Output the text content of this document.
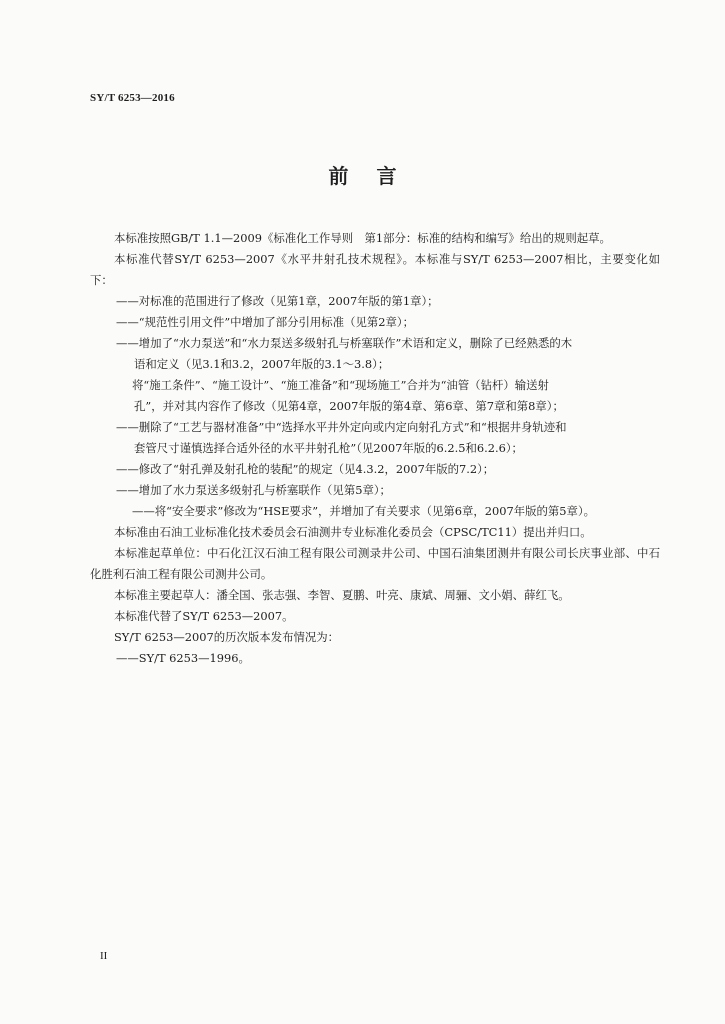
SY/T 6253—2016
前言

本标准按照GB/T 1.1—2009《标准化工作导则　第1部分：标准的结构和编写》给出的规则起草。

本标准代替SY/T 6253—2007《水平井射孔技术规程》。本标准与SY/T 6253—2007相比，主要变化如下：

——对标准的范围进行了修改（见第1章，2007年版的第1章）；

——“规范性引用文件”中增加了部分引用标准（见第2章）；

——增加了“水力泵送”和“水力泵送多级射孔与桥塞联作”术语和定义，删除了已经熟悉的木

语和定义（见3.1和3.2，2007年版的3.1～3.8）；

将“施工条件”、“施工设计”、“施工准备”和“现场施工”合并为“油管（钻杆）输送射

孔”，并对其内容作了修改（见第4章，2007年版的第4章、第6章、第7章和第8章）；

——删除了“工艺与器材准备”中“选择水平井外定向或内定向射孔方式”和“根据井身轨迹和

套管尺寸谨慎选择合适外径的水平井射孔枪”（见2007年版的6.2.5和6.2.6）；

——修改了“射孔弹及射孔枪的装配”的规定（见4.3.2，2007年版的7.2）；

——增加了水力泵送多级射孔与桥塞联作（见第5章）；

——将“安全要求”修改为“HSE要求”，并增加了有关要求（见第6章，2007年版的第5章）。

本标准由石油工业标准化技术委员会石油测井专业标准化委员会（CPSC/TC11）提出并归口。

本标准起草单位：中石化江汉石油工程有限公司测录井公司、中国石油集团测井有限公司长庆事业部、中石化胜利石油工程有限公司测井公司。

本标准主要起草人：潘全国、张志强、李智、夏鹏、叶亮、康斌、周骊、文小娟、薛红飞。

本标准代替了SY/T 6253—2007。

SY/T 6253—2007的历次版本发布情况为：

——SY/T 6253—1996。

II
